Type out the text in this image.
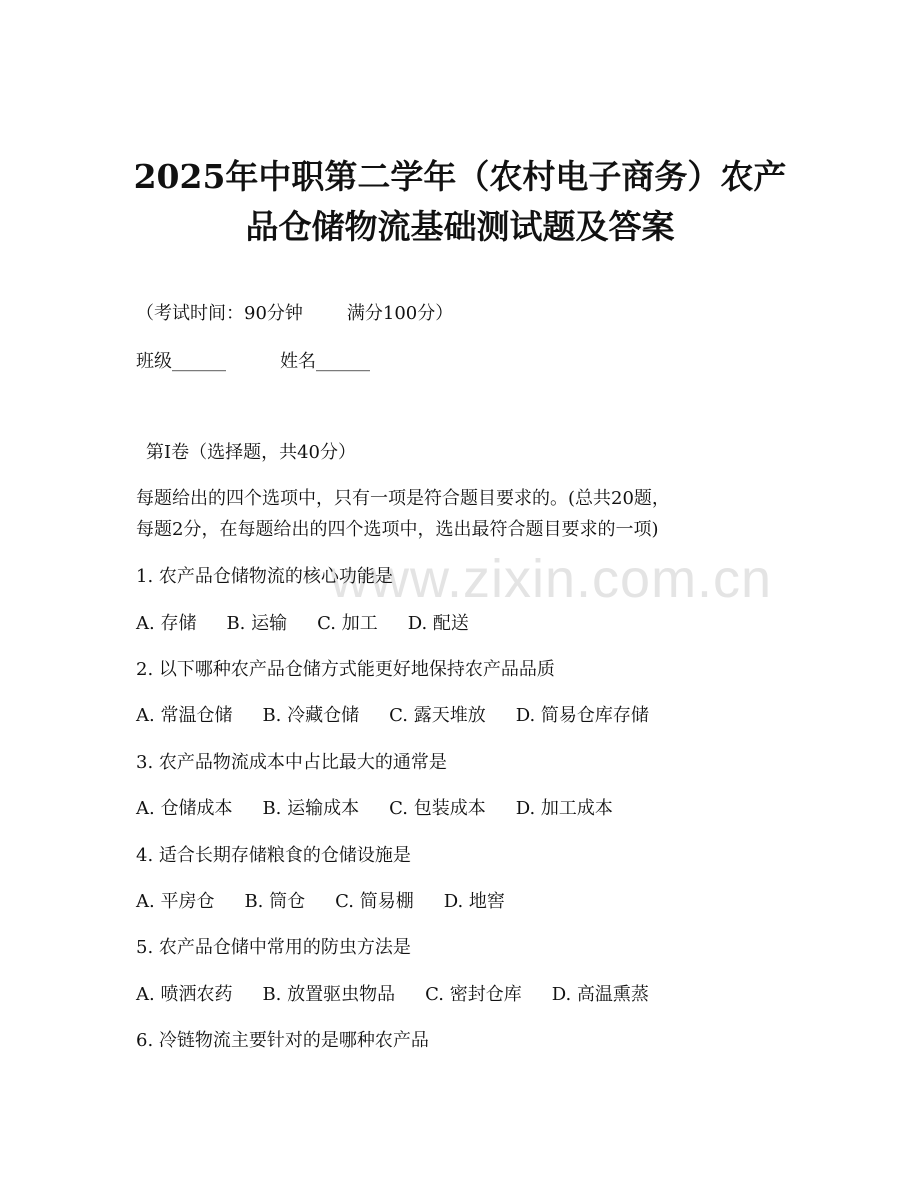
www.zixin.com.cn
2025年中职第二学年（农村电子商务）农产
品仓储物流基础测试题及答案
（考试时间：90分钟 满分100分）
班级______	姓名______
第Ⅰ卷（选择题，共40分）
每题给出的四个选项中，只有一项是符合题目要求的。(总共20题，
每题2分，在每题给出的四个选项中，选出最符合题目要求的一项)
1. 农产品仓储物流的核心功能是
A. 存储 B. 运输 C. 加工 D. 配送
2. 以下哪种农产品仓储方式能更好地保持农产品品质
A. 常温仓储 B. 冷藏仓储 C. 露天堆放 D. 简易仓库存储
3. 农产品物流成本中占比最大的通常是
A. 仓储成本 B. 运输成本 C. 包装成本 D. 加工成本
4. 适合长期存储粮食的仓储设施是
A. 平房仓 B. 筒仓 C. 简易棚 D. 地窖
5. 农产品仓储中常用的防虫方法是
A. 喷洒农药 B. 放置驱虫物品 C. 密封仓库 D. 高温熏蒸
6. 冷链物流主要针对的是哪种农产品
